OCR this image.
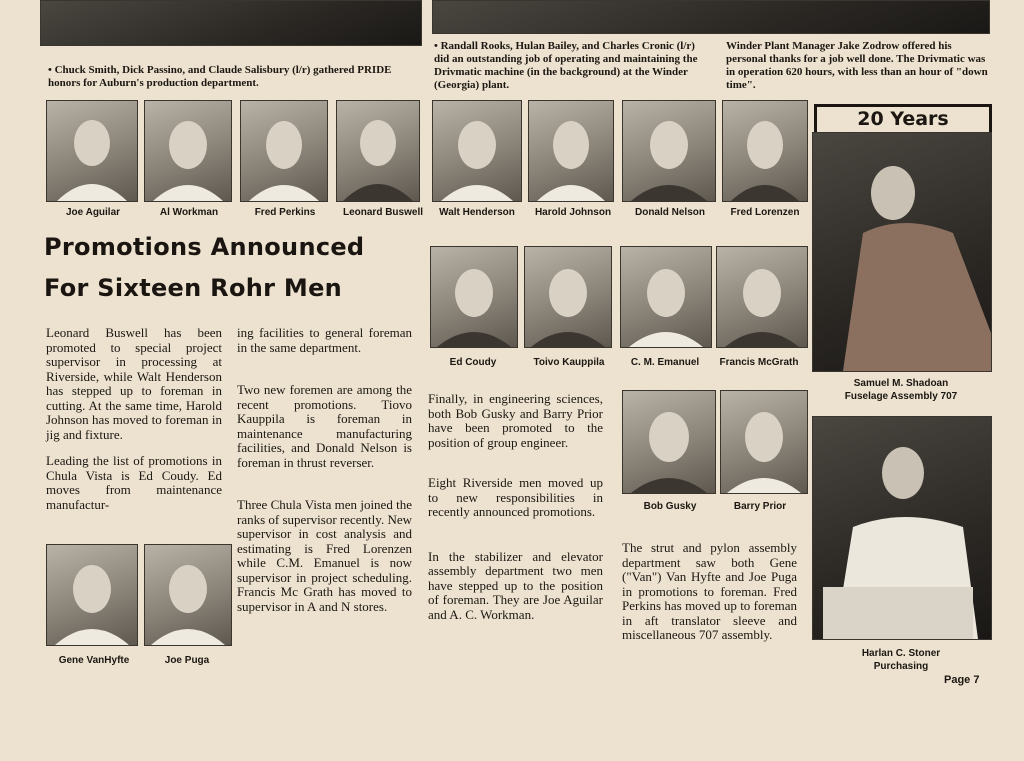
• Chuck Smith, Dick Passino, and Claude Salisbury (l/r) gathered PRIDE honors for Auburn's production department.
• Randall Rooks, Hulan Bailey, and Charles Cronic (l/r) did an outstanding job of operating and maintaining the Drivmatic machine (in the background) at the Winder (Georgia) plant.
Winder Plant Manager Jake Zodrow offered his personal thanks for a job well done. The Drivmatic was in operation 620 hours, with less than an hour of "down time".
Joe Aguilar	Al Workman	Fred Perkins	Leonard Buswell	Walt Henderson	Harold Johnson	Donald Nelson	Fred Lorenzen
Promotions Announced
For Sixteen Rohr Men
Ed Coudy	Toivo Kauppila	C. M. Emanuel	Francis McGrath
Bob Gusky	Barry Prior
Gene VanHyfte	Joe Puga
20 Years
Samuel M. Shadoan
Fuselage Assembly 707
Harlan C. Stoner
Purchasing

Leonard Buswell has been promoted to special project supervisor in processing at Riverside, while Walt Henderson has stepped up to foreman in cutting. At the same time, Harold Johnson has moved to foreman in jig and fixture.

Leading the list of promotions in Chula Vista is Ed Coudy. Ed moves from maintenance manufactur-

ing facilities to general foreman in the same department.

Two new foremen are among the recent promotions. Tiovo Kauppila is foreman in maintenance manufacturing facilities, and Donald Nelson is foreman in thrust reverser.

Three Chula Vista men joined the ranks of supervisor recently. New supervisor in cost analysis and estimating is Fred Lorenzen while C.M. Emanuel is now supervisor in project scheduling. Francis Mc Grath has moved to supervisor in A and N stores.

Finally, in engineering sciences, both Bob Gusky and Barry Prior have been promoted to the position of group engineer.

Eight Riverside men moved up to new responsibilities in recently announced promotions.

In the stabilizer and elevator assembly department two men have stepped up to the position of foreman. They are Joe Aguilar and A. C. Workman.

The strut and pylon assembly department saw both Gene ("Van") Van Hyfte and Joe Puga in promotions to foreman. Fred Perkins has moved up to foreman in aft translator sleeve and miscellaneous 707 assembly.

Page 7
